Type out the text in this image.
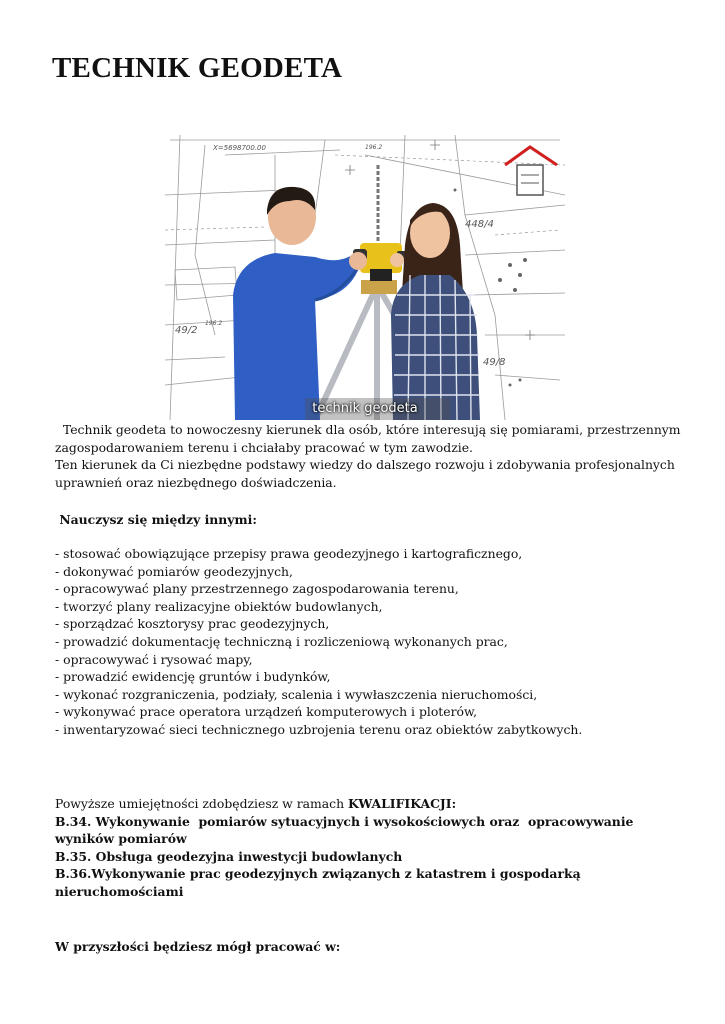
TECHNIK GEODETA
X=5698700.00
448/4
49/2
49/8
196.2
196.2
technik geodeta

Technik geodeta to nowoczesny kierunek dla osób, które interesują się pomiarami, przestrzennym zagospodarowaniem terenu i chciałaby pracować w tym zawodzie.

Ten kierunek da Ci niezbędne podstawy wiedzy do dalszego rozwoju i zdobywania profesjonalnych uprawnień oraz niezbędnego doświadczenia.

Nauczysz się między innymi:
- stosować obowiązujące przepisy prawa geodezyjnego i kartograficznego,
- dokonywać pomiarów geodezyjnych,
- opracowywać plany przestrzennego zagospodarowania terenu,
- tworzyć plany realizacyjne obiektów budowlanych,
- sporządzać kosztorysy prac geodezyjnych,
- prowadzić dokumentację techniczną i rozliczeniową wykonanych prac,
- opracowywać i rysować mapy,
- prowadzić ewidencję gruntów i budynków,
- wykonać rozgraniczenia, podziały, scalenia i wywłaszczenia nieruchomości,
- wykonywać prace operatora urządzeń komputerowych i ploterów,
- inwentaryzować sieci technicznego uzbrojenia terenu oraz obiektów zabytkowych.

Powyższe umiejętności zdobędziesz w ramach KWALIFIKACJI:

B.34. Wykonywanie  pomiarów sytuacyjnych i wysokościowych oraz  opracowywanie wyników pomiarów

B.35. Obsługa geodezyjna inwestycji budowlanych

B.36.Wykonywanie prac geodezyjnych związanych z katastrem i gospodarką nieruchomościami

W przyszłości będziesz mógł pracować w:
